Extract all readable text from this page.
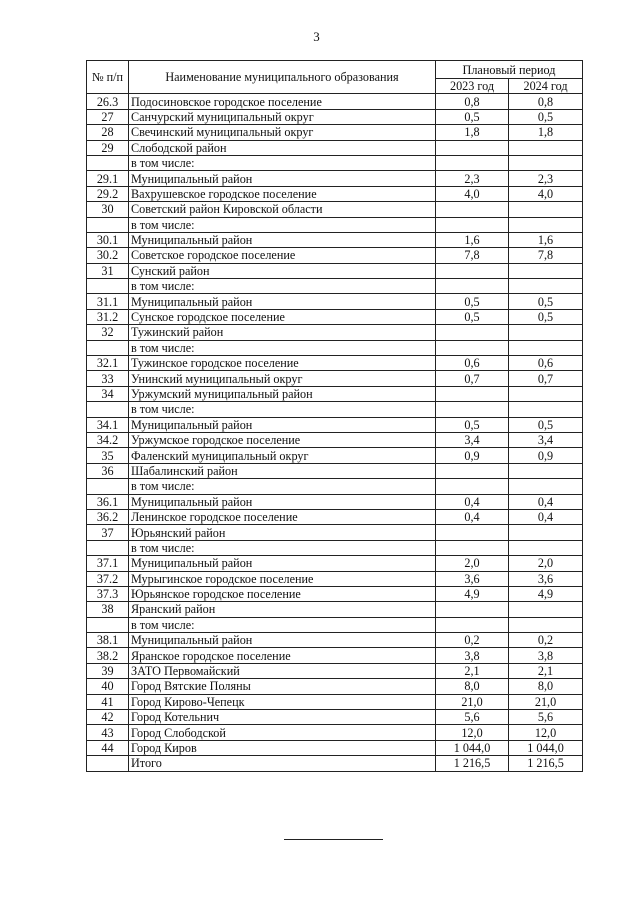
3
№ п/п	Наименование муниципального образования	Плановый период	
		2023 год	2024 год
26.3	Подосиновское городское поселение	0,8	0,8
27	Санчурский муниципальный округ	0,5	0,5
28	Свечинский муниципальный округ	1,8	1,8
29	Слободской район		
	в том числе:		
29.1	Муниципальный район	2,3	2,3
29.2	Вахрушевское городское поселение	4,0	4,0
30	Советский район Кировской области		
	в том числе:		
30.1	Муниципальный район	1,6	1,6
30.2	Советское городское поселение	7,8	7,8
31	Сунский район		
	в том числе:		
31.1	Муниципальный район	0,5	0,5
31.2	Сунское городское поселение	0,5	0,5
32	Тужинский район		
	в том числе:		
32.1	Тужинское городское поселение	0,6	0,6
33	Унинский муниципальный округ	0,7	0,7
34	Уржумский муниципальный район		
	в том числе:		
34.1	Муниципальный район	0,5	0,5
34.2	Уржумское городское поселение	3,4	3,4
35	Фаленский муниципальный округ	0,9	0,9
36	Шабалинский район		
	в том числе:		
36.1	Муниципальный район	0,4	0,4
36.2	Ленинское городское поселение	0,4	0,4
37	Юрьянский район		
	в том числе:		
37.1	Муниципальный район	2,0	2,0
37.2	Мурыгинское городское поселение	3,6	3,6
37.3	Юрьянское городское поселение	4,9	4,9
38	Яранский район		
	в том числе:		
38.1	Муниципальный район	0,2	0,2
38.2	Яранское городское поселение	3,8	3,8
39	ЗАТО Первомайский	2,1	2,1
40	Город Вятские Поляны	8,0	8,0
41	Город Кирово-Чепецк	21,0	21,0
42	Город Котельнич	5,6	5,6
43	Город Слободской	12,0	12,0
44	Город Киров	1 044,0	1 044,0
	Итого	1 216,5	1 216,5
